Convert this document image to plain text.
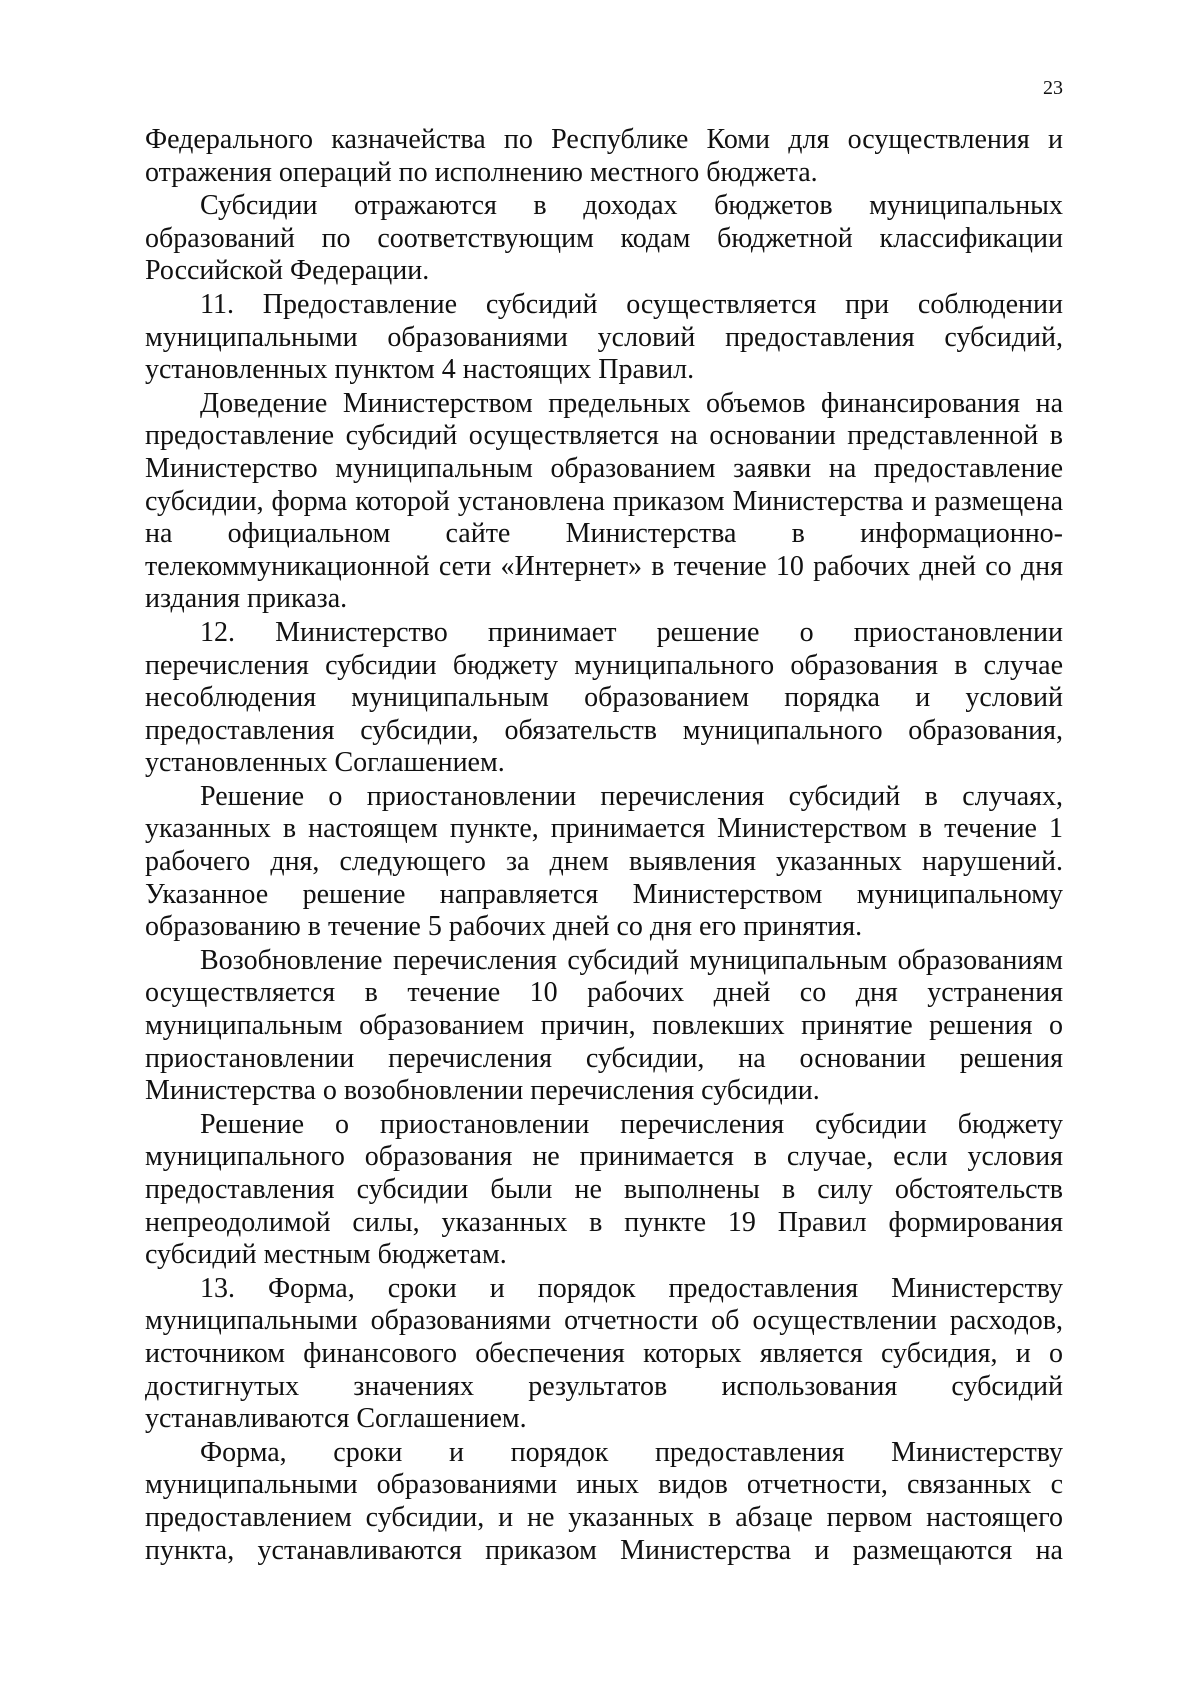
23

Федерального казначейства по Республике Коми для осуществления и отражения операций по исполнению местного бюджета.

Субсидии отражаются в доходах бюджетов муниципальных образований по соответствующим кодам бюджетной классификации Российской Федерации.

11. Предоставление субсидий осуществляется при соблюдении муниципальными образованиями условий предоставления субсидий, установленных пунктом 4 настоящих Правил.

Доведение Министерством предельных объемов финансирования на предоставление субсидий осуществляется на основании представленной в Министерство муниципальным образованием заявки на предоставление субсидии, форма которой установлена приказом Министерства и размещена на официальном сайте Министерства в информационно-телекоммуникационной сети «Интернет» в течение 10 рабочих дней со дня издания приказа.

12. Министерство принимает решение о приостановлении перечисления субсидии бюджету муниципального образования в случае несоблюдения муниципальным образованием порядка и условий предоставления субсидии, обязательств муниципального образования, установленных Соглашением.

Решение о приостановлении перечисления субсидий в случаях, указанных в настоящем пункте, принимается Министерством в течение 1 рабочего дня, следующего за днем выявления указанных нарушений. Указанное решение направляется Министерством муниципальному образованию в течение 5 рабочих дней со дня его принятия.

Возобновление перечисления субсидий муниципальным образованиям осуществляется в течение 10 рабочих дней со дня устранения муниципальным образованием причин, повлекших принятие решения о приостановлении перечисления субсидии, на основании решения Министерства о возобновлении перечисления субсидии.

Решение о приостановлении перечисления субсидии бюджету муниципального образования не принимается в случае, если условия предоставления субсидии были не выполнены в силу обстоятельств непреодолимой силы, указанных в пункте 19 Правил формирования субсидий местным бюджетам.

13. Форма, сроки и порядок предоставления Министерству муниципальными образованиями отчетности об осуществлении расходов, источником финансового обеспечения которых является субсидия, и о достигнутых значениях результатов использования субсидий устанавливаются Соглашением.

Форма, сроки и порядок предоставления Министерству муниципальными образованиями иных видов отчетности, связанных с предоставлением субсидии, и не указанных в абзаце первом настоящего пункта, устанавливаются приказом Министерства и размещаются на
